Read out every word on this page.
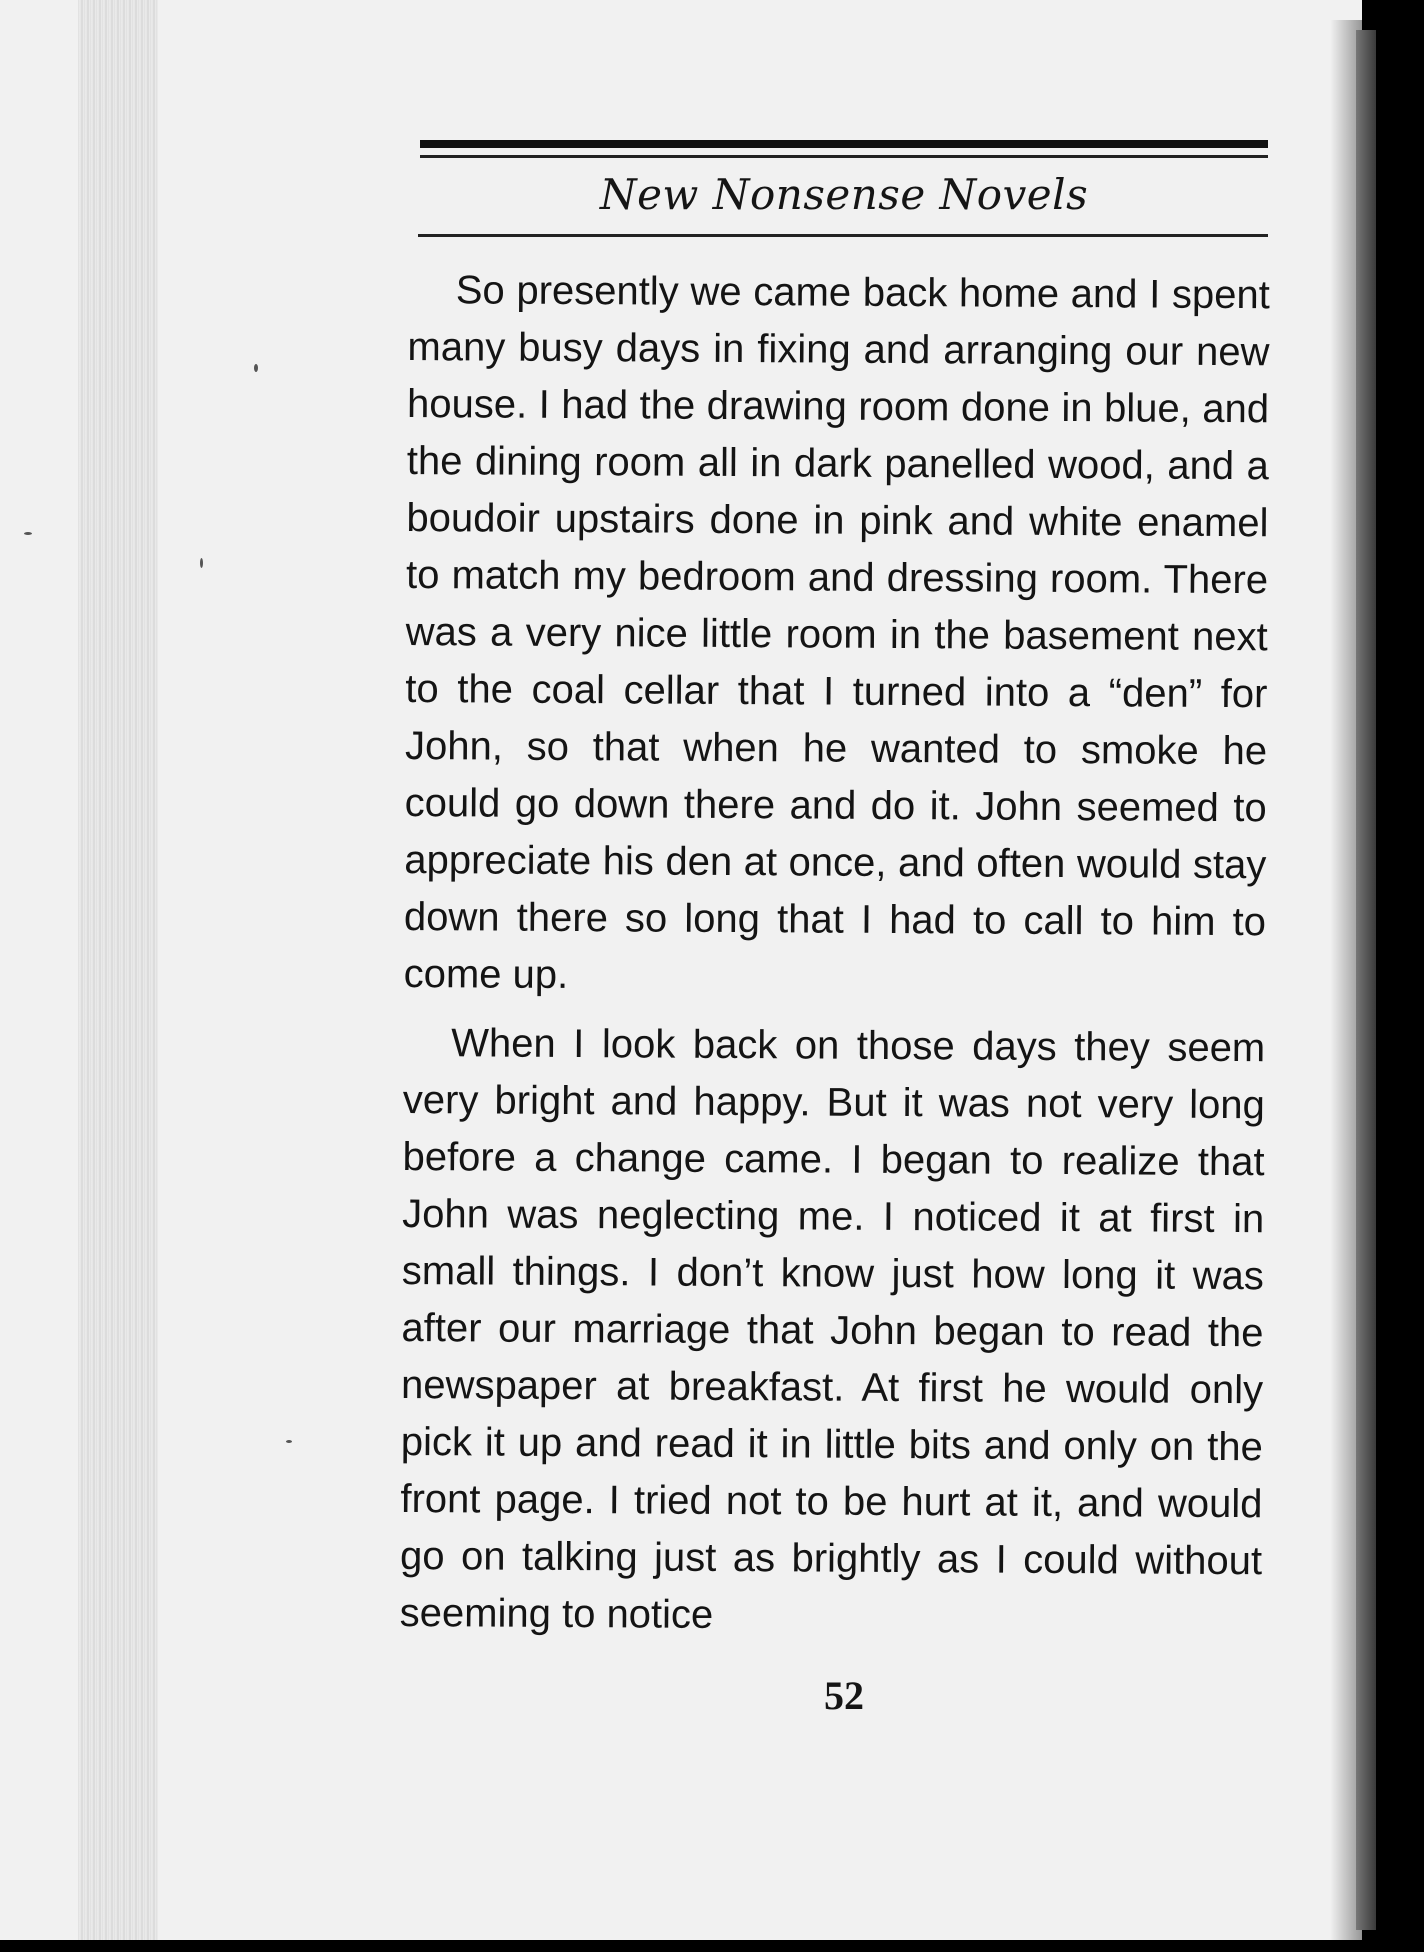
New Nonsense Novels

So presently we came back home and I spent many busy days in fixing and arranging our new house. I had the drawing room done in blue, and the dining room all in dark panelled wood, and a boudoir upstairs done in pink and white enamel to match my bedroom and dressing room. There was a very nice little room in the basement next to the coal cellar that I turned into a “den” for John, so that when he wanted to smoke he could go down there and do it. John seemed to appreciate his den at once, and often would stay down there so long that I had to call to him to come up.

When I look back on those days they seem very bright and happy. But it was not very long before a change came. I began to realize that John was neglecting me. I noticed it at first in small things. I don’t know just how long it was after our marriage that John began to read the newspaper at breakfast. At first he would only pick it up and read it in little bits and only on the front page. I tried not to be hurt at it, and would go on talking just as brightly as I could without seeming to notice

52
